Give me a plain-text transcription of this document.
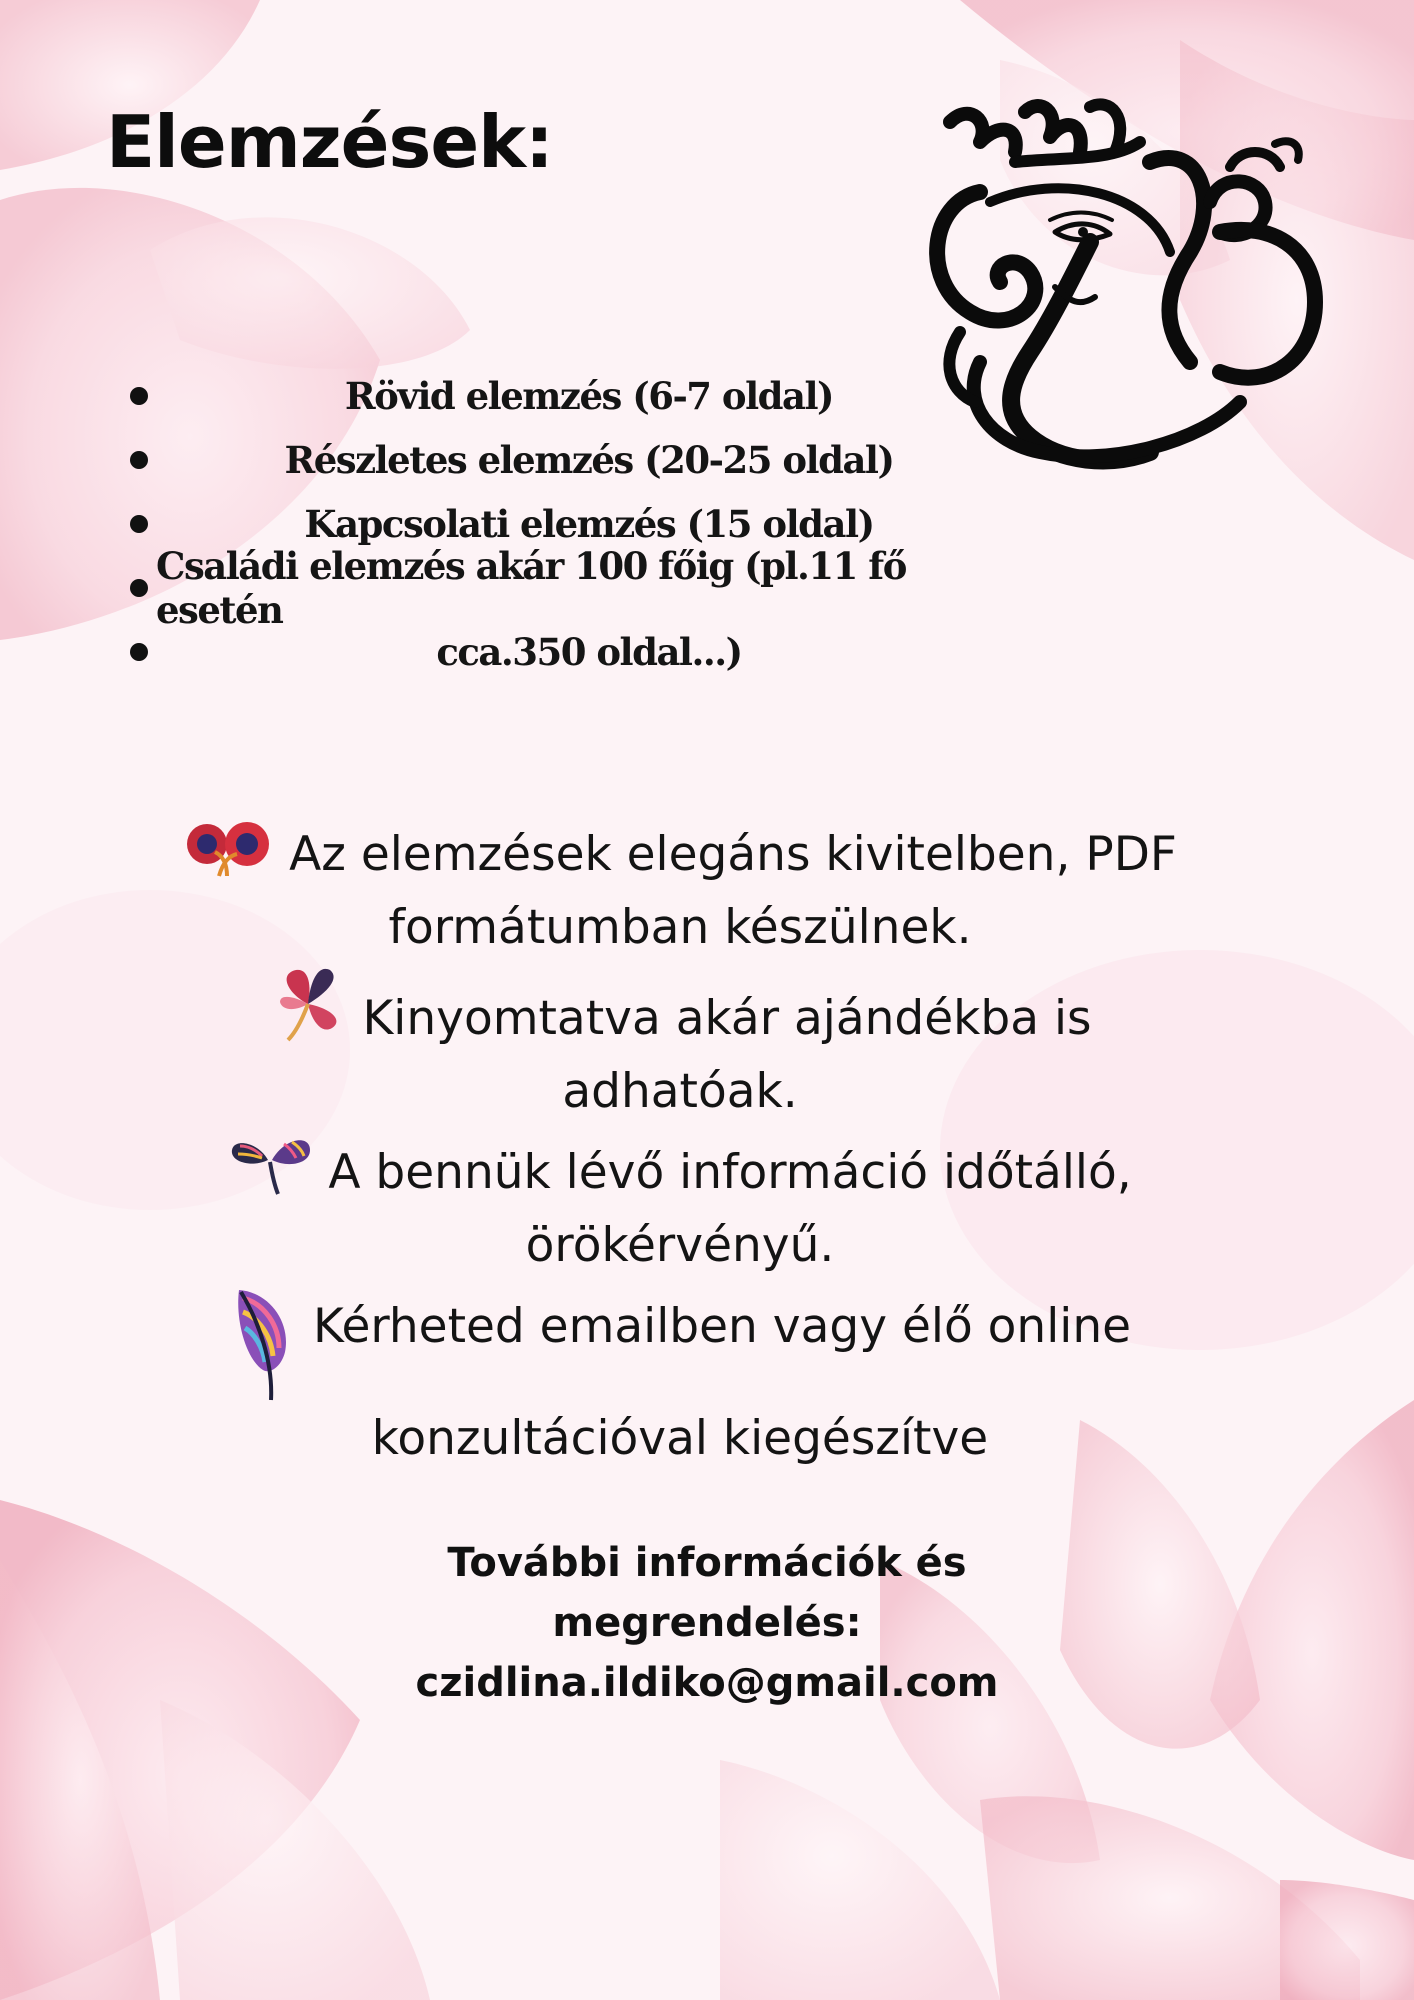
Elemzések:
Rövid elemzés (6-7 oldal)
Részletes elemzés (20-25 oldal)
Kapcsolati elemzés (15 oldal)
Családi elemzés akár 100 főig (pl.11 fő esetén
cca.350 oldal...)
Az elemzések elegáns kivitelben, PDF
formátumban készülnek.
Kinyomtatva akár ajándékba is
adhatóak.
A bennük lévő információ időtálló,
örökérvényű.
Kérheted emailben vagy élő online
konzultációval kiegészítve
További információk és
megrendelés:
czidlina.ildiko@gmail.com
